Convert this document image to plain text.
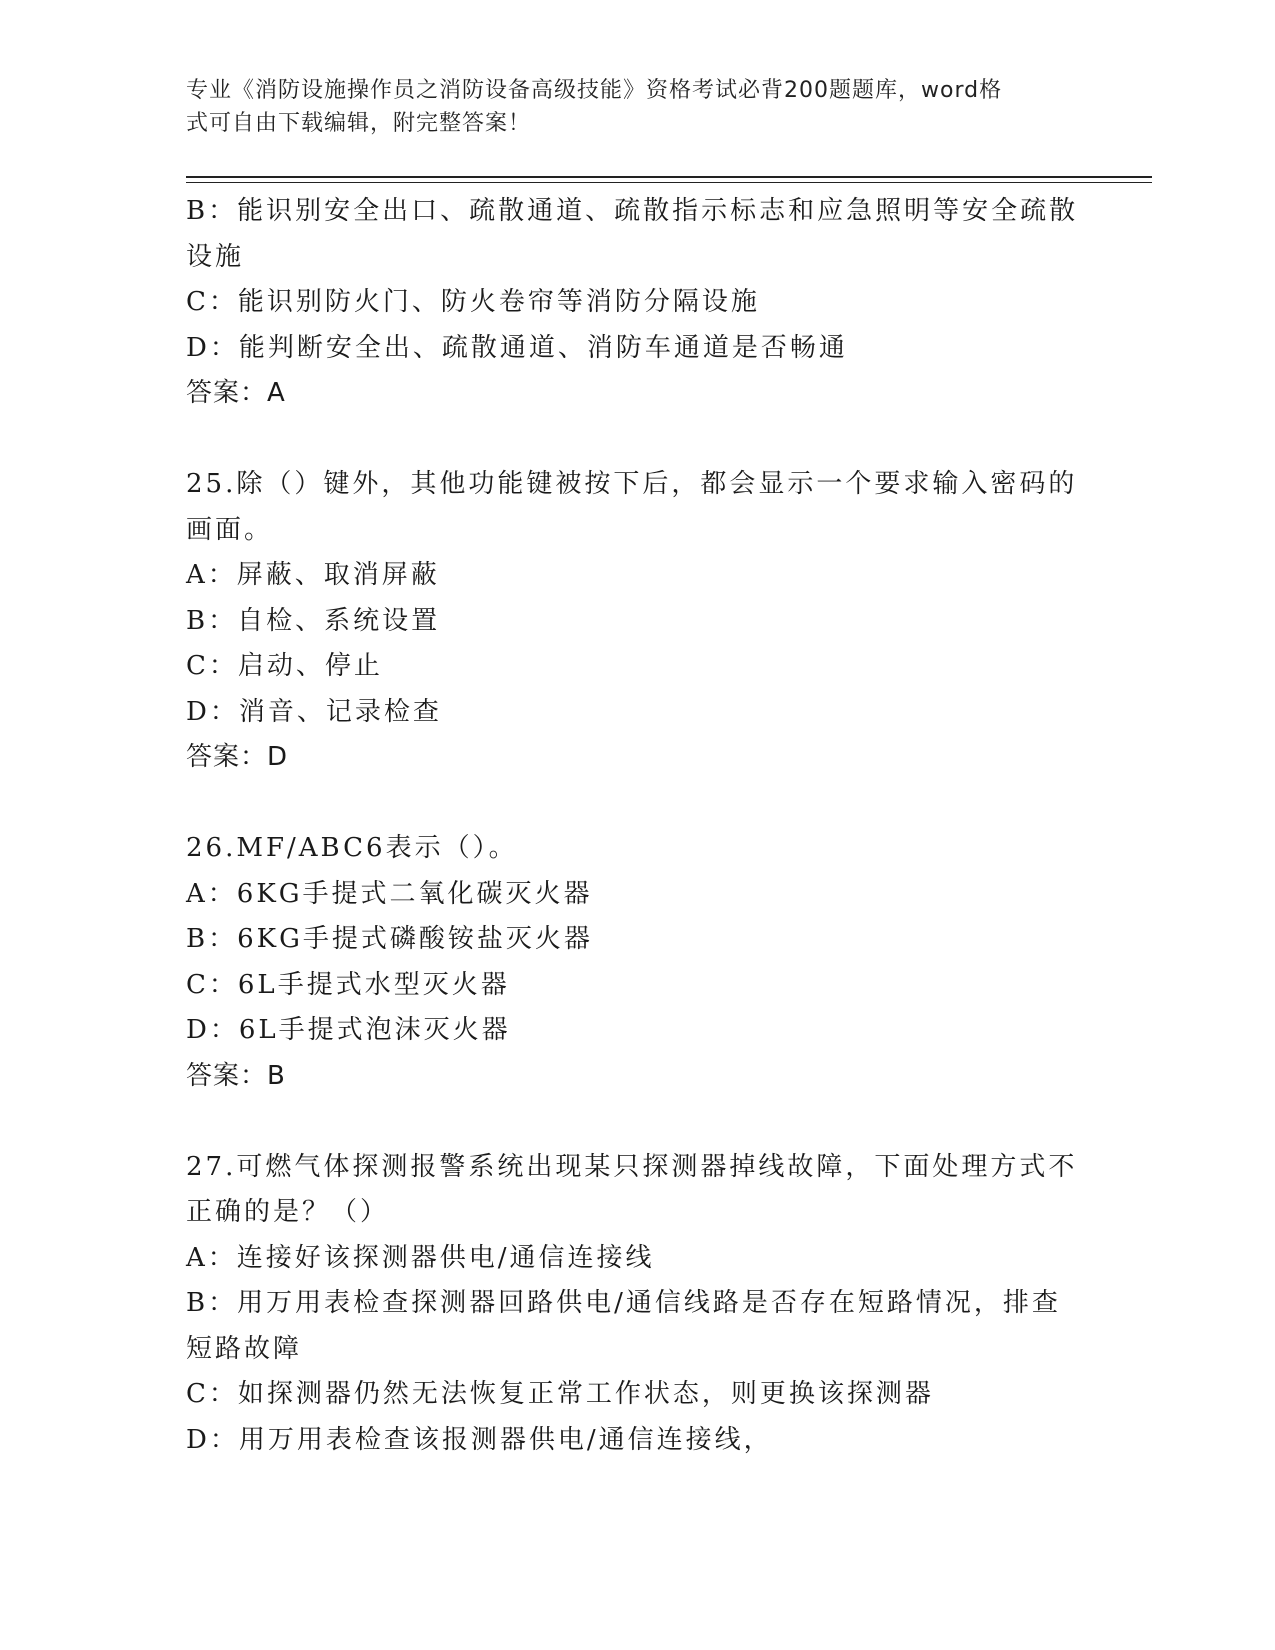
专业《消防设施操作员之消防设备高级技能》资格考试必背200题题库，word格
式可自由下载编辑，附完整答案！
B：能识别安全出口、疏散通道、疏散指示标志和应急照明等安全疏散
设施
C：能识别防火门、防火卷帘等消防分隔设施
D：能判断安全出、疏散通道、消防车通道是否畅通
答案：A
25.除（）键外，其他功能键被按下后，都会显示一个要求输入密码的
画面。
A：屏蔽、取消屏蔽
B：自检、系统设置
C：启动、停止
D：消音、记录检查
答案：D
26.MF/ABC6表示（）。
A：6KG手提式二氧化碳灭火器
B：6KG手提式磷酸铵盐灭火器
C：6L手提式水型灭火器
D：6L手提式泡沫灭火器
答案：B
27.可燃气体探测报警系统出现某只探测器掉线故障，下面处理方式不
正确的是？（）
A：连接好该探测器供电/通信连接线
B：用万用表检查探测器回路供电/通信线路是否存在短路情况，排查
短路故障
C：如探测器仍然无法恢复正常工作状态，则更换该探测器
D：用万用表检查该报测器供电/通信连接线，
